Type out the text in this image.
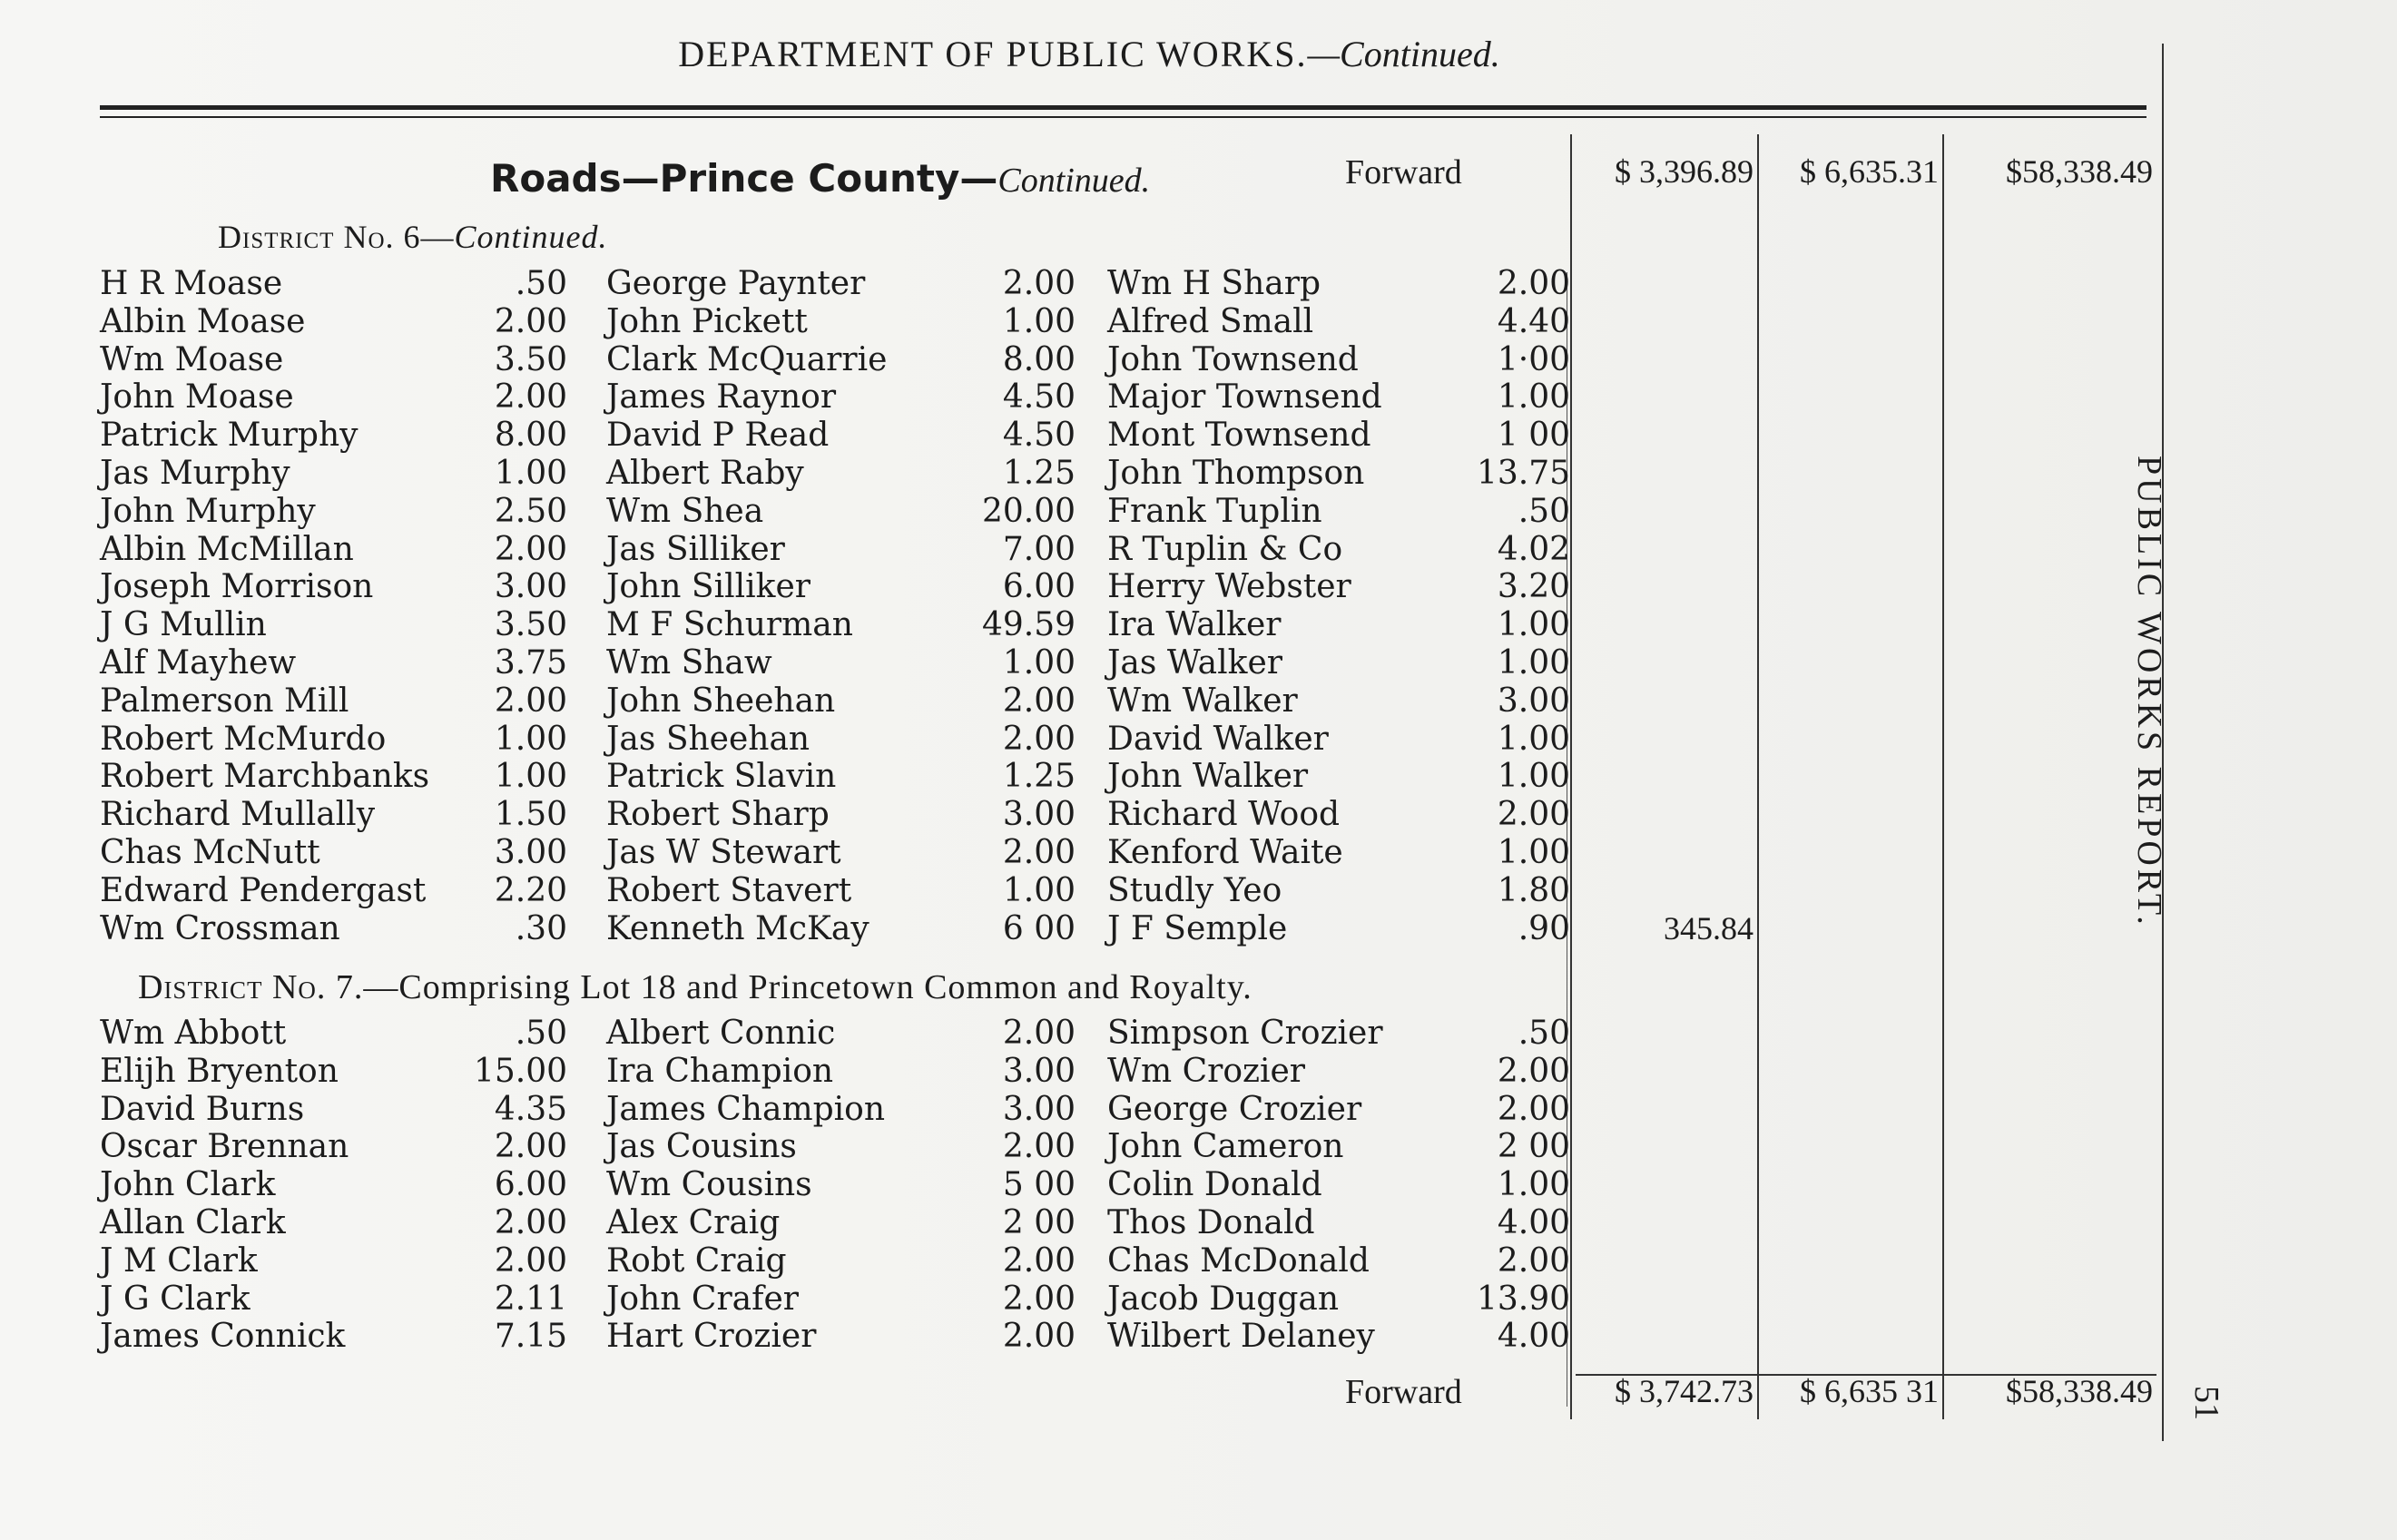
DEPARTMENT OF PUBLIC WORKS.—Continued.
PUBLIC WORKS REPORT.
51
Roads—Prince County—Continued.	Forward	$ 3,396.89	$ 6,635.31	$58,338.49
District No. 6—Continued.
H R Moase	.50 George Paynter	2.00 Wm H Sharp	2.00
Albin Moase	2.00 John Pickett	1.00 Alfred Small	4.40
Wm Moase	3.50 Clark McQuarrie	8.00 John Townsend	1·00
John Moase	2.00 James Raynor	4.50 Major Townsend	1.00
Patrick Murphy	8.00 David P Read	4.50 Mont Townsend	1 00
Jas Murphy	1.00 Albert Raby	1.25 John Thompson	13.75
John Murphy	2.50 Wm Shea	20.00 Frank Tuplin	.50
Albin McMillan	2.00 Jas Silliker	7.00 R Tuplin & Co	4.02
Joseph Morrison	3.00 John Silliker	6.00 Herry Webster	3.20
J G Mullin	3.50 M F Schurman	49.59 Ira Walker	1.00
Alf Mayhew	3.75 Wm Shaw	1.00 Jas Walker	1.00
Palmerson Mill	2.00 John Sheehan	2.00 Wm Walker	3.00
Robert McMurdo	1.00 Jas Sheehan	2.00 David Walker	1.00
Robert Marchbanks	1.00 Patrick Slavin	1.25 John Walker	1.00
Richard Mullally	1.50 Robert Sharp	3.00 Richard Wood	2.00
Chas McNutt	3.00 Jas W Stewart	2.00 Kenford Waite	1.00
Edward Pendergast	2.20 Robert Stavert	1.00 Studly Yeo	1.80
Wm Crossman	.30 Kenneth McKay	6 00 J F Semple	.90	345.84
District No. 7.—Comprising Lot 18 and Princetown Common and Royalty.
Wm Abbott	.50 Albert Connic	2.00 Simpson Crozier	.50
Elijh Bryenton	15.00 Ira Champion	3.00 Wm Crozier	2.00
David Burns	4.35 James Champion	3.00 George Crozier	2.00
Oscar Brennan	2.00 Jas Cousins	2.00 John Cameron	2 00
John Clark	6.00 Wm Cousins	5 00 Colin Donald	1.00
Allan Clark	2.00 Alex Craig	2 00 Thos Donald	4.00
J M Clark	2.00 Robt Craig	2.00 Chas McDonald	2.00
J G Clark	2.11 John Crafer	2.00 Jacob Duggan	13.90
James Connick	7.15 Hart Crozier	2.00 Wilbert Delaney	4.00
Forward	$ 3,742.73	$ 6,635 31	$58,338.49
